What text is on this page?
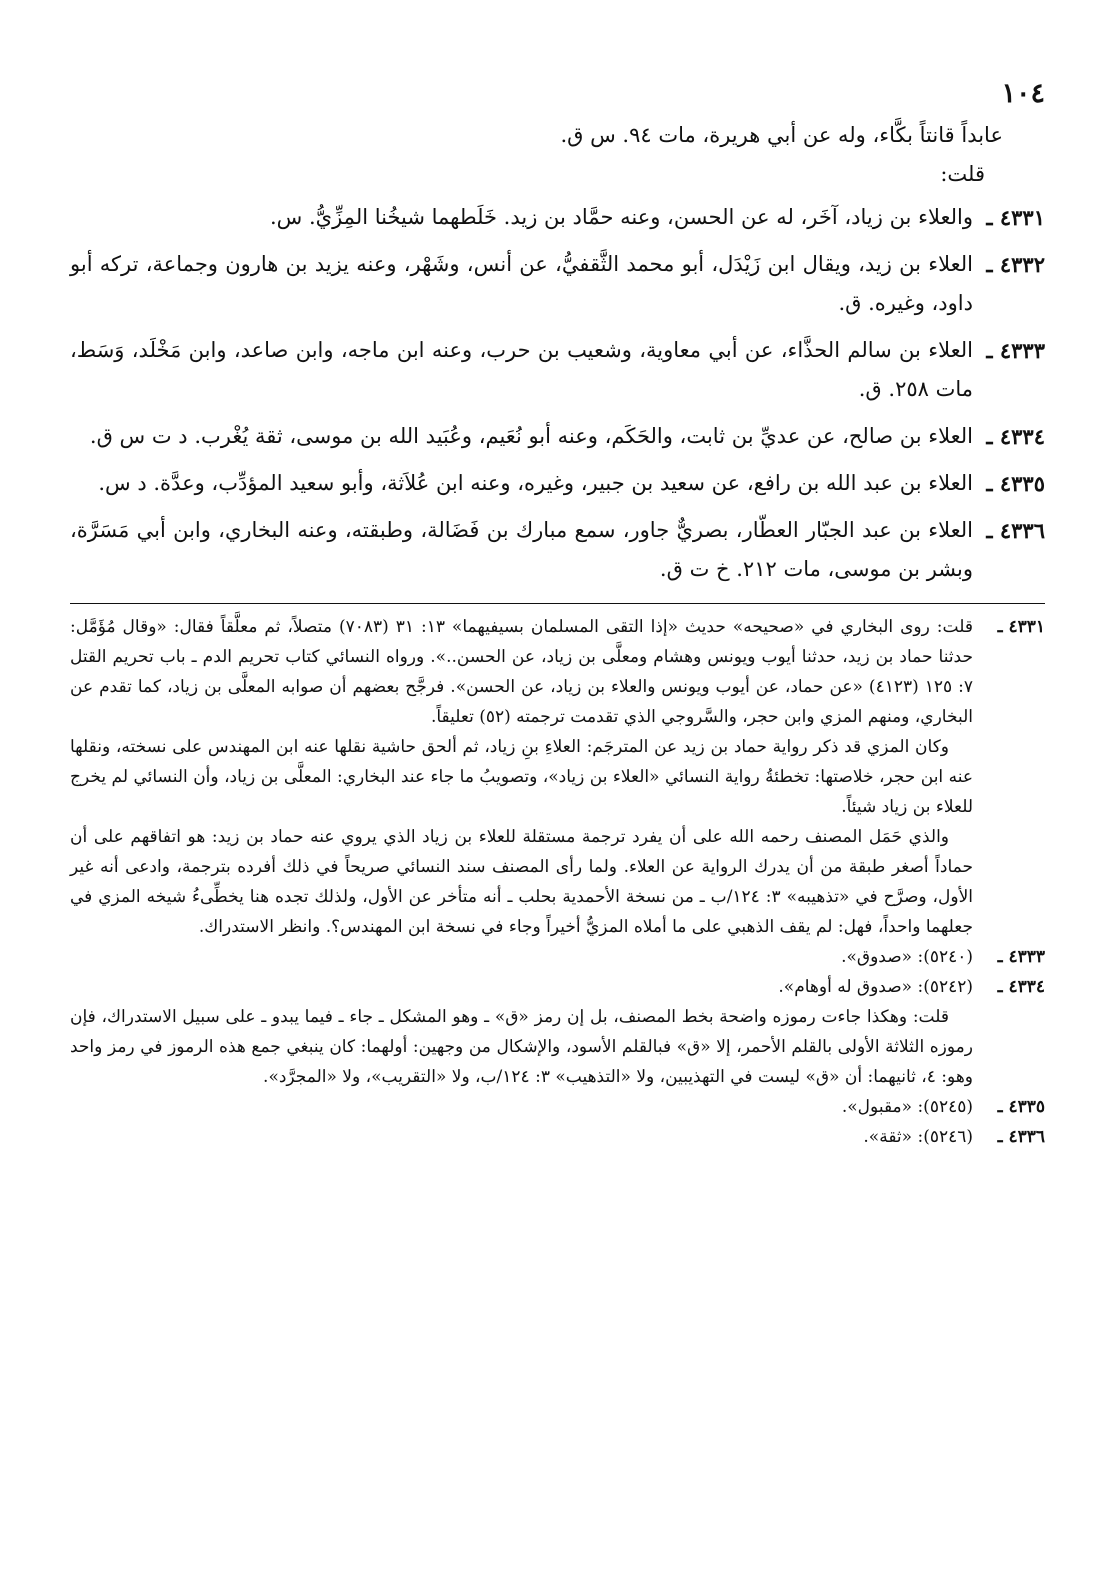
١٠٤
عابداً قانتاً بكَّاء، وله عن أبي هريرة، مات ٩٤. س ق.
قلت:
٤٣٣١ ـ
والعلاء بن زياد، آخَر، له عن الحسن، وعنه حمَّاد بن زيد. خَلَطهما شيخُنا المِزِّيُّ. س.
٤٣٣٢ ـ
العلاء بن زيد، ويقال ابن زَيْدَل، أبو محمد الثَّقفيُّ، عن أنس، وشَهْر، وعنه يزيد بن هارون وجماعة، تركه أبو داود، وغيره. ق.
٤٣٣٣ ـ
العلاء بن سالم الحذَّاء، عن أبي معاوية، وشعيب بن حرب، وعنه ابن ماجه، وابن صاعد، وابن مَخْلَد، وَسَط، مات ٢٥٨. ق.
٤٣٣٤ ـ
العلاء بن صالح، عن عديِّ بن ثابت، والحَكَم، وعنه أبو نُعَيم، وعُبَيد الله بن موسى، ثقة يُغْرب. د ت س ق.
٤٣٣٥ ـ
العلاء بن عبد الله بن رافع، عن سعيد بن جبير، وغيره، وعنه ابن عُلاَثة، وأبو سعيد المؤدِّب، وعدَّة. د س.
٤٣٣٦ ـ
العلاء بن عبد الجبّار العطّار، بصريٌّ جاور، سمع مبارك بن فَضَالة، وطبقته، وعنه البخاري، وابن أبي مَسَرَّة، وبشر بن موسى، مات ٢١٢. خ ت ق.
٤٣٣١ ـ

قلت: روى البخاري في «صحيحه» حديث «إذا التقى المسلمان بسيفيهما» ١٣: ٣١ (٧٠٨٣) متصلاً، ثم معلَّقاً فقال: «وقال مُؤَمَّل: حدثنا حماد بن زيد، حدثنا أيوب ويونس وهشام ومعلَّى بن زياد، عن الحسن..». ورواه النسائي كتاب تحريم الدم ـ باب تحريم القتل ٧: ١٢٥ (٤١٢٣) «عن حماد، عن أيوب ويونس والعلاء بن زياد، عن الحسن». فرجَّح بعضهم أن صوابه المعلَّى بن زياد، كما تقدم عن البخاري، ومنهم المزي وابن حجر، والسَّروجي الذي تقدمت ترجمته (٥٢) تعليقاً.

وكان المزي قد ذكر رواية حماد بن زيد عن المترجَم: العلاءِ بنِ زياد، ثم ألحق حاشية نقلها عنه ابن المهندس على نسخته، ونقلها عنه ابن حجر، خلاصتها: تخطئةُ رواية النسائي «العلاء بن زياد»، وتصويبُ ما جاء عند البخاري: المعلَّى بن زياد، وأن النسائي لم يخرج للعلاء بن زياد شيئاً.

والذي حَمَل المصنف رحمه الله على أن يفرد ترجمة مستقلة للعلاء بن زياد الذي يروي عنه حماد بن زيد: هو اتفاقهم على أن حماداً أصغر طبقة من أن يدرك الرواية عن العلاء. ولما رأى المصنف سند النسائي صريحاً في ذلك أفرده بترجمة، وادعى أنه غير الأول، وصرَّح في «تذهيبه» ٣: ١٢٤/ب ـ من نسخة الأحمدية بحلب ـ أنه متأخر عن الأول، ولذلك تجده هنا يخطِّىءُ شيخه المزي في جعلهما واحداً، فهل: لم يقف الذهبي على ما أملاه المزيُّ أخيراً وجاء في نسخة ابن المهندس؟. وانظر الاستدراك.

٤٣٣٣ ـ

(٥٢٤٠): «صدوق».

٤٣٣٤ ـ

(٥٢٤٢): «صدوق له أوهام».

قلت: وهكذا جاءت رموزه واضحة بخط المصنف، بل إن رمز «ق» ـ وهو المشكل ـ جاء ـ فيما يبدو ـ على سبيل الاستدراك، فإن رموزه الثلاثة الأولى بالقلم الأحمر، إلا «ق» فبالقلم الأسود، والإشكال من وجهين: أولهما: كان ينبغي جمع هذه الرموز في رمز واحد وهو: ٤، ثانيهما: أن «ق» ليست في التهذيبين، ولا «التذهيب» ٣: ١٢٤/ب، ولا «التقريب»، ولا «المجرَّد».

٤٣٣٥ ـ

(٥٢٤٥): «مقبول».

٤٣٣٦ ـ

(٥٢٤٦): «ثقة».
